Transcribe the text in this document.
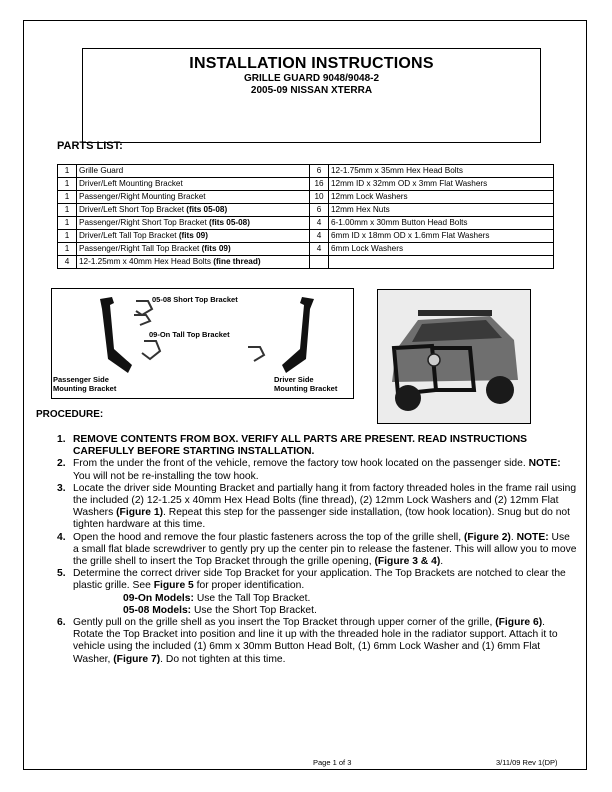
INSTALLATION INSTRUCTIONS
GRILLE GUARD 9048/9048-2
2005-09 NISSAN XTERRA
PARTS LIST:
1	Grille Guard	6	12-1.75mm x 35mm Hex Head Bolts
1	Driver/Left Mounting Bracket	16	12mm ID x 32mm OD x 3mm Flat Washers
1	Passenger/Right Mounting Bracket	10	12mm Lock Washers
1	Driver/Left Short Top Bracket (fits 05-08)	6	12mm Hex Nuts
1	Passenger/Right Short Top Bracket (fits 05-08)	4	6-1.00mm x 30mm Button Head Bolts
1	Driver/Left Tall Top Bracket (fits 09)	4	6mm ID x 18mm OD x 1.6mm Flat Washers
1	Passenger/Right Tall Top Bracket (fits 09)	4	6mm Lock Washers
4	12-1.25mm x 40mm Hex Head Bolts (fine thread)		
05-08 Short Top Bracket
09-On Tall Top Bracket
Passenger Side
Mounting Bracket
Driver Side
Mounting Bracket
PROCEDURE:
1. REMOVE CONTENTS FROM BOX. VERIFY ALL PARTS ARE PRESENT. READ INSTRUCTIONS CAREFULLY BEFORE STARTING INSTALLATION.
2. From the under the front of the vehicle, remove the factory tow hook located on the passenger side. NOTE: You will not be re-installing the tow hook.
3. Locate the driver side Mounting Bracket and partially hang it from factory threaded holes in the frame rail using the included (2) 12-1.25 x 40mm Hex Head Bolts (fine thread), (2) 12mm Lock Washers and (2) 12mm Flat Washers (Figure 1). Repeat this step for the passenger side installation, (tow hook location). Snug but do not tighten hardware at this time.
4. Open the hood and remove the four plastic fasteners across the top of the grille shell, (Figure 2). NOTE: Use a small flat blade screwdriver to gently pry up the center pin to release the fastener. This will allow you to move the grille shell to insert the Top Bracket through the grille opening, (Figure 3 & 4).
5. Determine the correct driver side Top Bracket for your application. The Top Brackets are notched to clear the plastic grille. See Figure 5 for proper identification.
09-On Models: Use the Tall Top Bracket.
05-08 Models: Use the Short Top Bracket.
6. Gently pull on the grille shell as you insert the Top Bracket through upper corner of the grille, (Figure 6). Rotate the Top Bracket into position and line it up with the threaded hole in the radiator support. Attach it to vehicle using the included (1) 6mm x 30mm Button Head Bolt, (1) 6mm Lock Washer and (1) 6mm Flat Washer, (Figure 7). Do not tighten at this time.
Page 1 of 3	3/11/09 Rev 1(DP)
